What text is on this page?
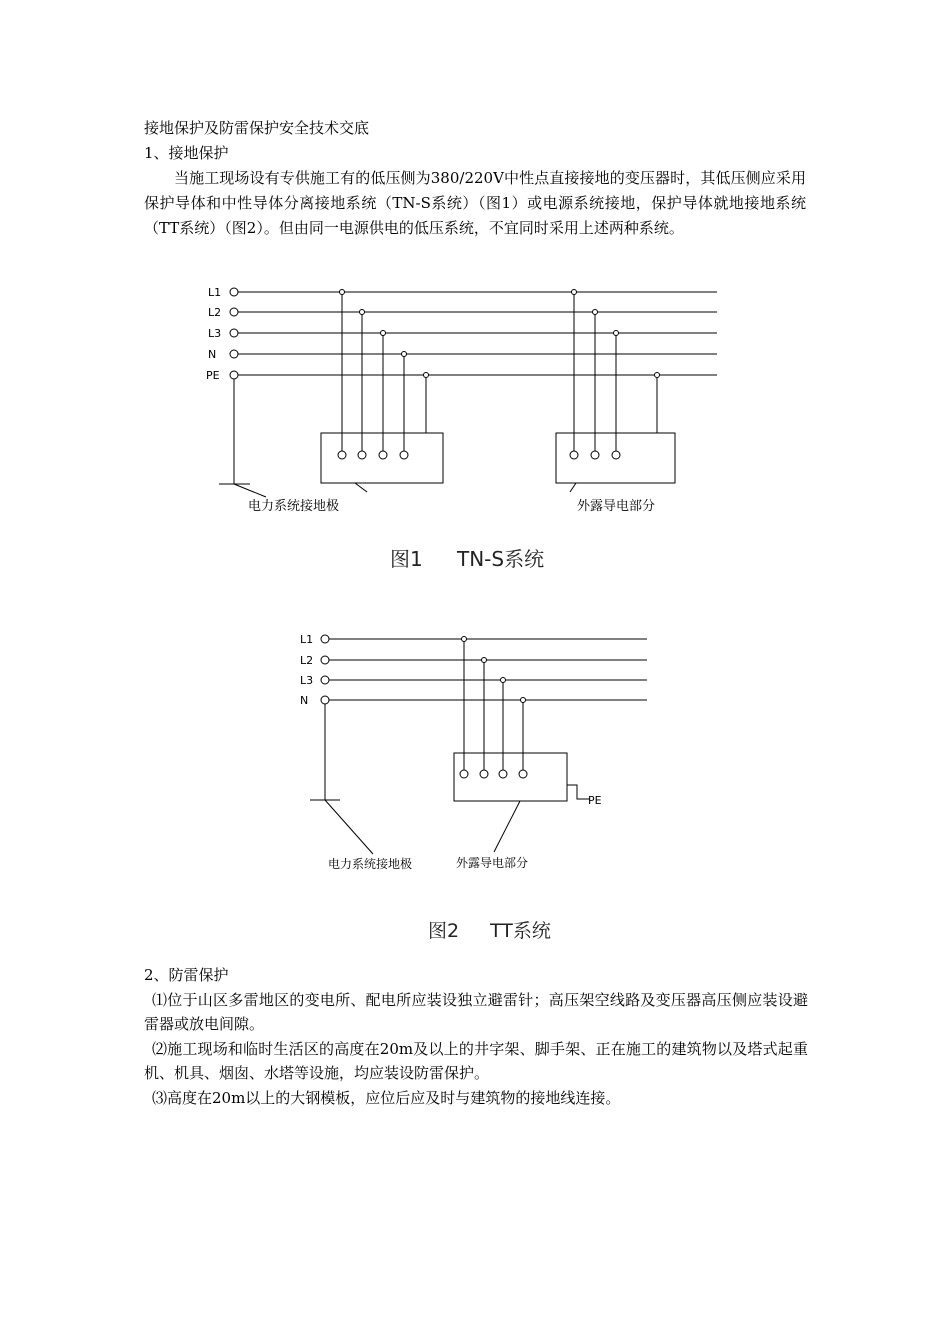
接地保护及防雷保护安全技术交底
1、接地保护
当施工现场设有专供施工有的低压侧为380/220V中性点直接接地的变压器时，其低压侧应采用保护导体和中性导体分离接地系统（TN-S系统）（图1）或电源系统接地，保护导体就地接地系统（TT系统）（图2）。但由同一电源供电的低压系统，不宜同时采用上述两种系统。
L1
L2
L3
N
PE
电力系统接地极	外露导电部分
图1 TN-S系统
L1
L2
L3
N
PE
电力系统接地极	外露导电部分
图2 TT系统
2、防雷保护
⑴位于山区多雷地区的变电所、配电所应装设独立避雷针；高压架空线路及变压器高压侧应装设避雷器或放电间隙。
⑵施工现场和临时生活区的高度在20m及以上的井字架、脚手架、正在施工的建筑物以及塔式起重机、机具、烟囱、水塔等设施，均应装设防雷保护。
⑶高度在20m以上的大钢模板，应位后应及时与建筑物的接地线连接。
